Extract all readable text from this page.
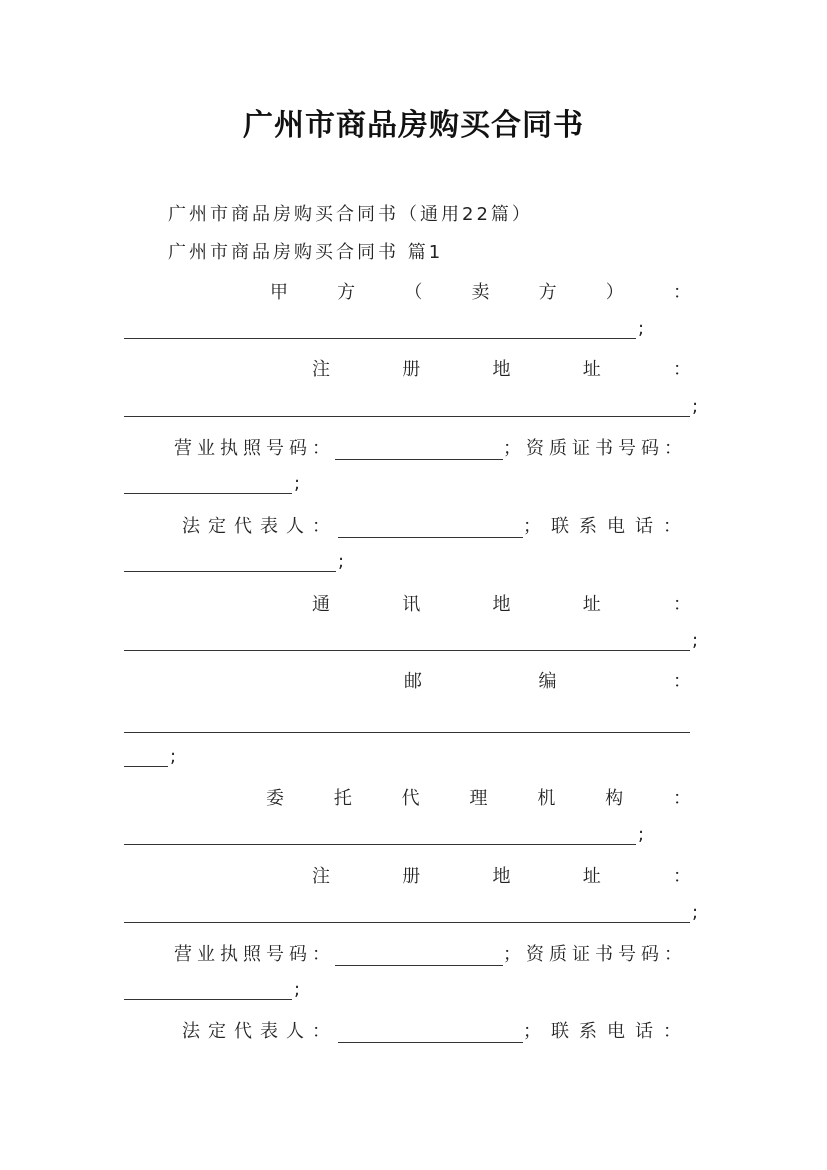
广州市商品房购买合同书
广州市商品房购买合同书（通用22篇）
广州市商品房购买合同书 篇1
甲	方	（	卖	方	）	：
;
注	册	地	址	：
;
营业执照号码：	；资质证书号码：
;
法定代表人：	；联系电话：
;
通	讯	地	址	：
;
邮	编	：
;
委	托	代	理	机	构	：
;
注	册	地	址	：
;
营业执照号码：	；资质证书号码：
;
法定代表人：	；联系电话：
